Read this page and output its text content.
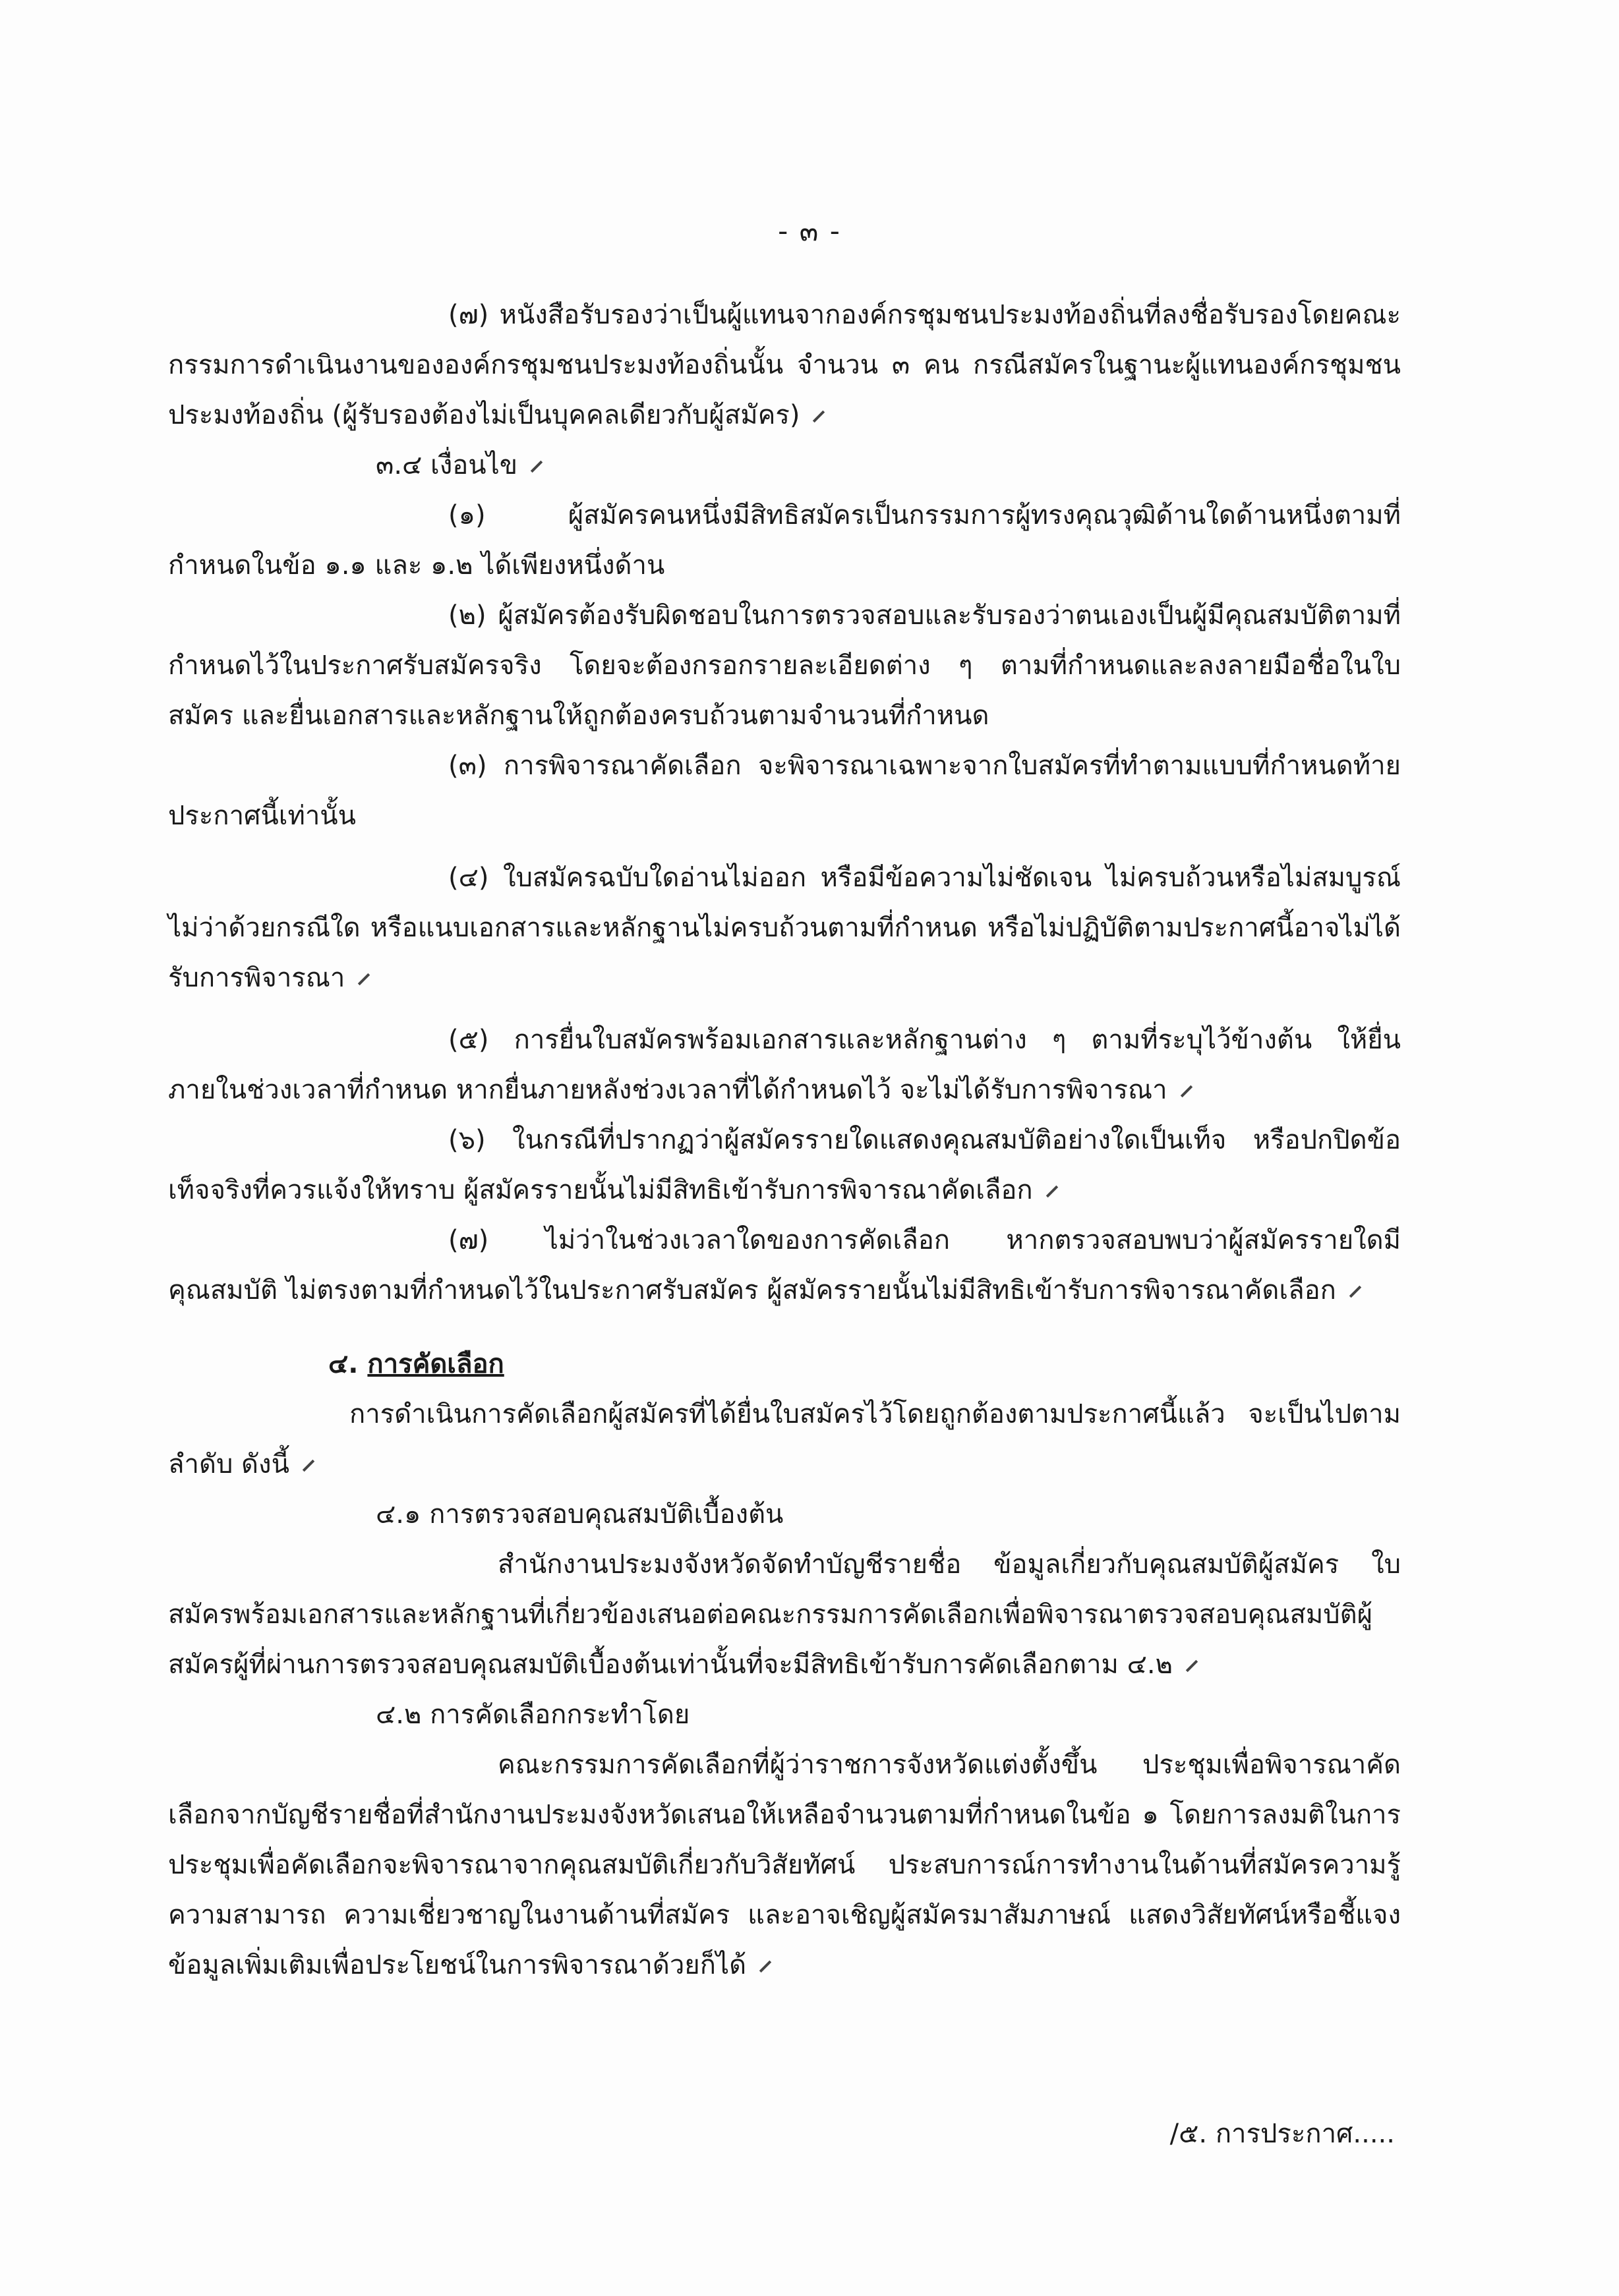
- ๓ -

(๗) หนังสือรับรองว่าเป็นผู้แทนจากองค์กรชุมชนประมงท้องถิ่นที่ลงชื่อรับรองโดยคณะกรรมการดำเนินงานขององค์กรชุมชนประมงท้องถิ่นนั้น จำนวน ๓ คน กรณีสมัครในฐานะผู้แทนองค์กรชุมชนประมงท้องถิ่น (ผู้รับรองต้องไม่เป็นบุคคลเดียวกับผู้สมัคร)

๓.๔ เงื่อนไข

(๑) ผู้สมัครคนหนึ่งมีสิทธิสมัครเป็นกรรมการผู้ทรงคุณวุฒิด้านใดด้านหนึ่งตามที่กำหนดในข้อ ๑.๑ และ ๑.๒ ได้เพียงหนึ่งด้าน

(๒) ผู้สมัครต้องรับผิดชอบในการตรวจสอบและรับรองว่าตนเองเป็นผู้มีคุณสมบัติตามที่กำหนดไว้ในประกาศรับสมัครจริง โดยจะต้องกรอกรายละเอียดต่าง ๆ ตามที่กำหนดและลงลายมือชื่อในใบสมัคร และยื่นเอกสารและหลักฐานให้ถูกต้องครบถ้วนตามจำนวนที่กำหนด

(๓) การพิจารณาคัดเลือก จะพิจารณาเฉพาะจากใบสมัครที่ทำตามแบบที่กำหนดท้ายประกาศนี้เท่านั้น

(๔) ใบสมัครฉบับใดอ่านไม่ออก หรือมีข้อความไม่ชัดเจน ไม่ครบถ้วนหรือไม่สมบูรณ์ไม่ว่าด้วยกรณีใด หรือแนบเอกสารและหลักฐานไม่ครบถ้วนตามที่กำหนด หรือไม่ปฏิบัติตามประกาศนี้อาจไม่ได้รับการพิจารณา

(๕) การยื่นใบสมัครพร้อมเอกสารและหลักฐานต่าง ๆ ตามที่ระบุไว้ข้างต้น ให้ยื่นภายในช่วงเวลาที่กำหนด หากยื่นภายหลังช่วงเวลาที่ได้กำหนดไว้ จะไม่ได้รับการพิจารณา

(๖) ในกรณีที่ปรากฏว่าผู้สมัครรายใดแสดงคุณสมบัติอย่างใดเป็นเท็จ หรือปกปิดข้อเท็จจริงที่ควรแจ้งให้ทราบ ผู้สมัครรายนั้นไม่มีสิทธิเข้ารับการพิจารณาคัดเลือก

(๗) ไม่ว่าในช่วงเวลาใดของการคัดเลือก หากตรวจสอบพบว่าผู้สมัครรายใดมีคุณสมบัติ ไม่ตรงตามที่กำหนดไว้ในประกาศรับสมัคร ผู้สมัครรายนั้นไม่มีสิทธิเข้ารับการพิจารณาคัดเลือก

๔. การคัดเลือก

การดำเนินการคัดเลือกผู้สมัครที่ได้ยื่นใบสมัครไว้โดยถูกต้องตามประกาศนี้แล้ว จะเป็นไปตามลำดับ ดังนี้

๔.๑ การตรวจสอบคุณสมบัติเบื้องต้น

สำนักงานประมงจังหวัดจัดทำบัญชีรายชื่อ ข้อมูลเกี่ยวกับคุณสมบัติผู้สมัคร ใบสมัครพร้อมเอกสารและหลักฐานที่เกี่ยวข้องเสนอต่อคณะกรรมการคัดเลือกเพื่อพิจารณาตรวจสอบคุณสมบัติผู้สมัครผู้ที่ผ่านการตรวจสอบคุณสมบัติเบื้องต้นเท่านั้นที่จะมีสิทธิเข้ารับการคัดเลือกตาม ๔.๒

๔.๒ การคัดเลือกกระทำโดย

คณะกรรมการคัดเลือกที่ผู้ว่าราชการจังหวัดแต่งตั้งขึ้น ประชุมเพื่อพิจารณาคัดเลือกจากบัญชีรายชื่อที่สำนักงานประมงจังหวัดเสนอให้เหลือจำนวนตามที่กำหนดในข้อ ๑ โดยการลงมติในการประชุมเพื่อคัดเลือกจะพิจารณาจากคุณสมบัติเกี่ยวกับวิสัยทัศน์ ประสบการณ์การทำงานในด้านที่สมัครความรู้ความสามารถ ความเชี่ยวชาญในงานด้านที่สมัคร และอาจเชิญผู้สมัครมาสัมภาษณ์ แสดงวิสัยทัศน์หรือชี้แจงข้อมูลเพิ่มเติมเพื่อประโยชน์ในการพิจารณาด้วยก็ได้

/๕. การประกาศ.....
